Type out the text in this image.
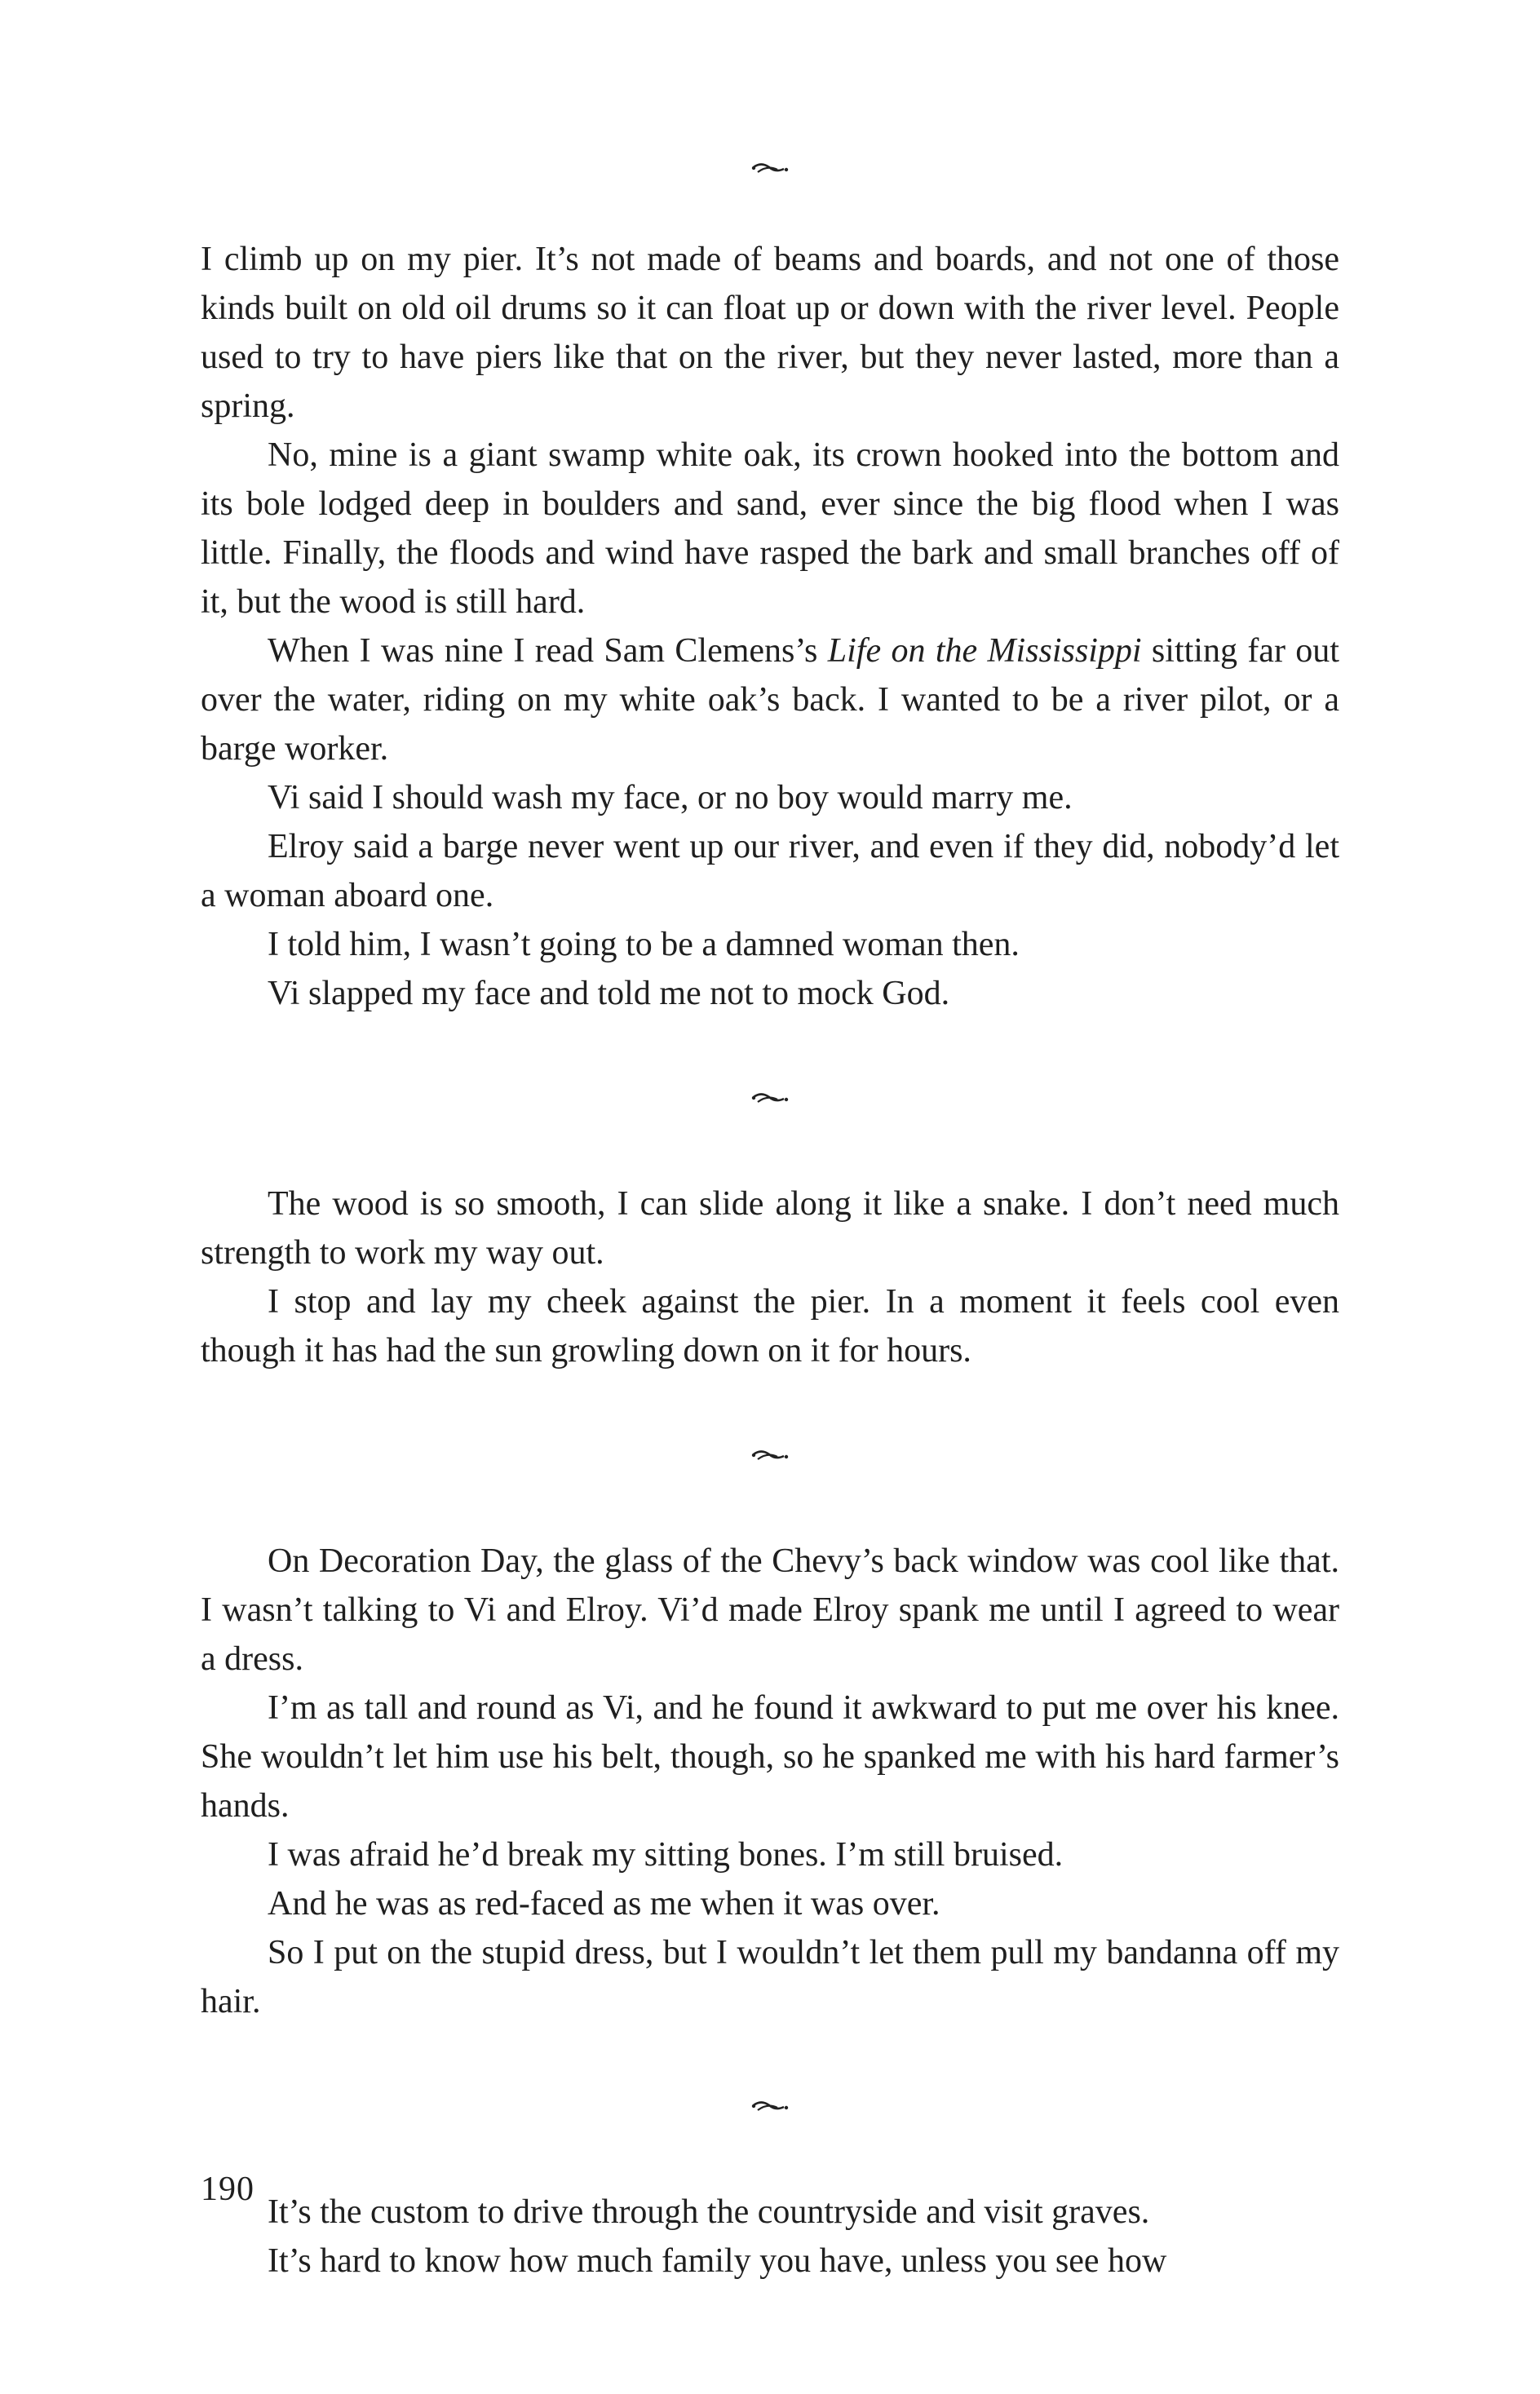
I climb up on my pier. It’s not made of beams and boards, and not one of those kinds built on old oil drums so it can float up or down with the river level. People used to try to have piers like that on the river, but they never lasted, more than a spring.

No, mine is a giant swamp white oak, its crown hooked into the bottom and its bole lodged deep in boulders and sand, ever since the big flood when I was little. Finally, the floods and wind have rasped the bark and small branches off of it, but the wood is still hard.

When I was nine I read Sam Clemens’s Life on the Mississippi sitting far out over the water, riding on my white oak’s back. I wanted to be a river pilot, or a barge worker.

Vi said I should wash my face, or no boy would marry me.

Elroy said a barge never went up our river, and even if they did, nobody’d let a woman aboard one.

I told him, I wasn’t going to be a damned woman then.

Vi slapped my face and told me not to mock God.

The wood is so smooth, I can slide along it like a snake. I don’t need much strength to work my way out.

I stop and lay my cheek against the pier. In a moment it feels cool even though it has had the sun growling down on it for hours.

On Decoration Day, the glass of the Chevy’s back window was cool like that. I wasn’t talking to Vi and Elroy. Vi’d made Elroy spank me until I agreed to wear a dress.

I’m as tall and round as Vi, and he found it awkward to put me over his knee. She wouldn’t let him use his belt, though, so he spanked me with his hard farmer’s hands.

I was afraid he’d break my sitting bones. I’m still bruised.

And he was as red-faced as me when it was over.

So I put on the stupid dress, but I wouldn’t let them pull my bandanna off my hair.

It’s the custom to drive through the countryside and visit graves.

It’s hard to know how much family you have, unless you see how

190
